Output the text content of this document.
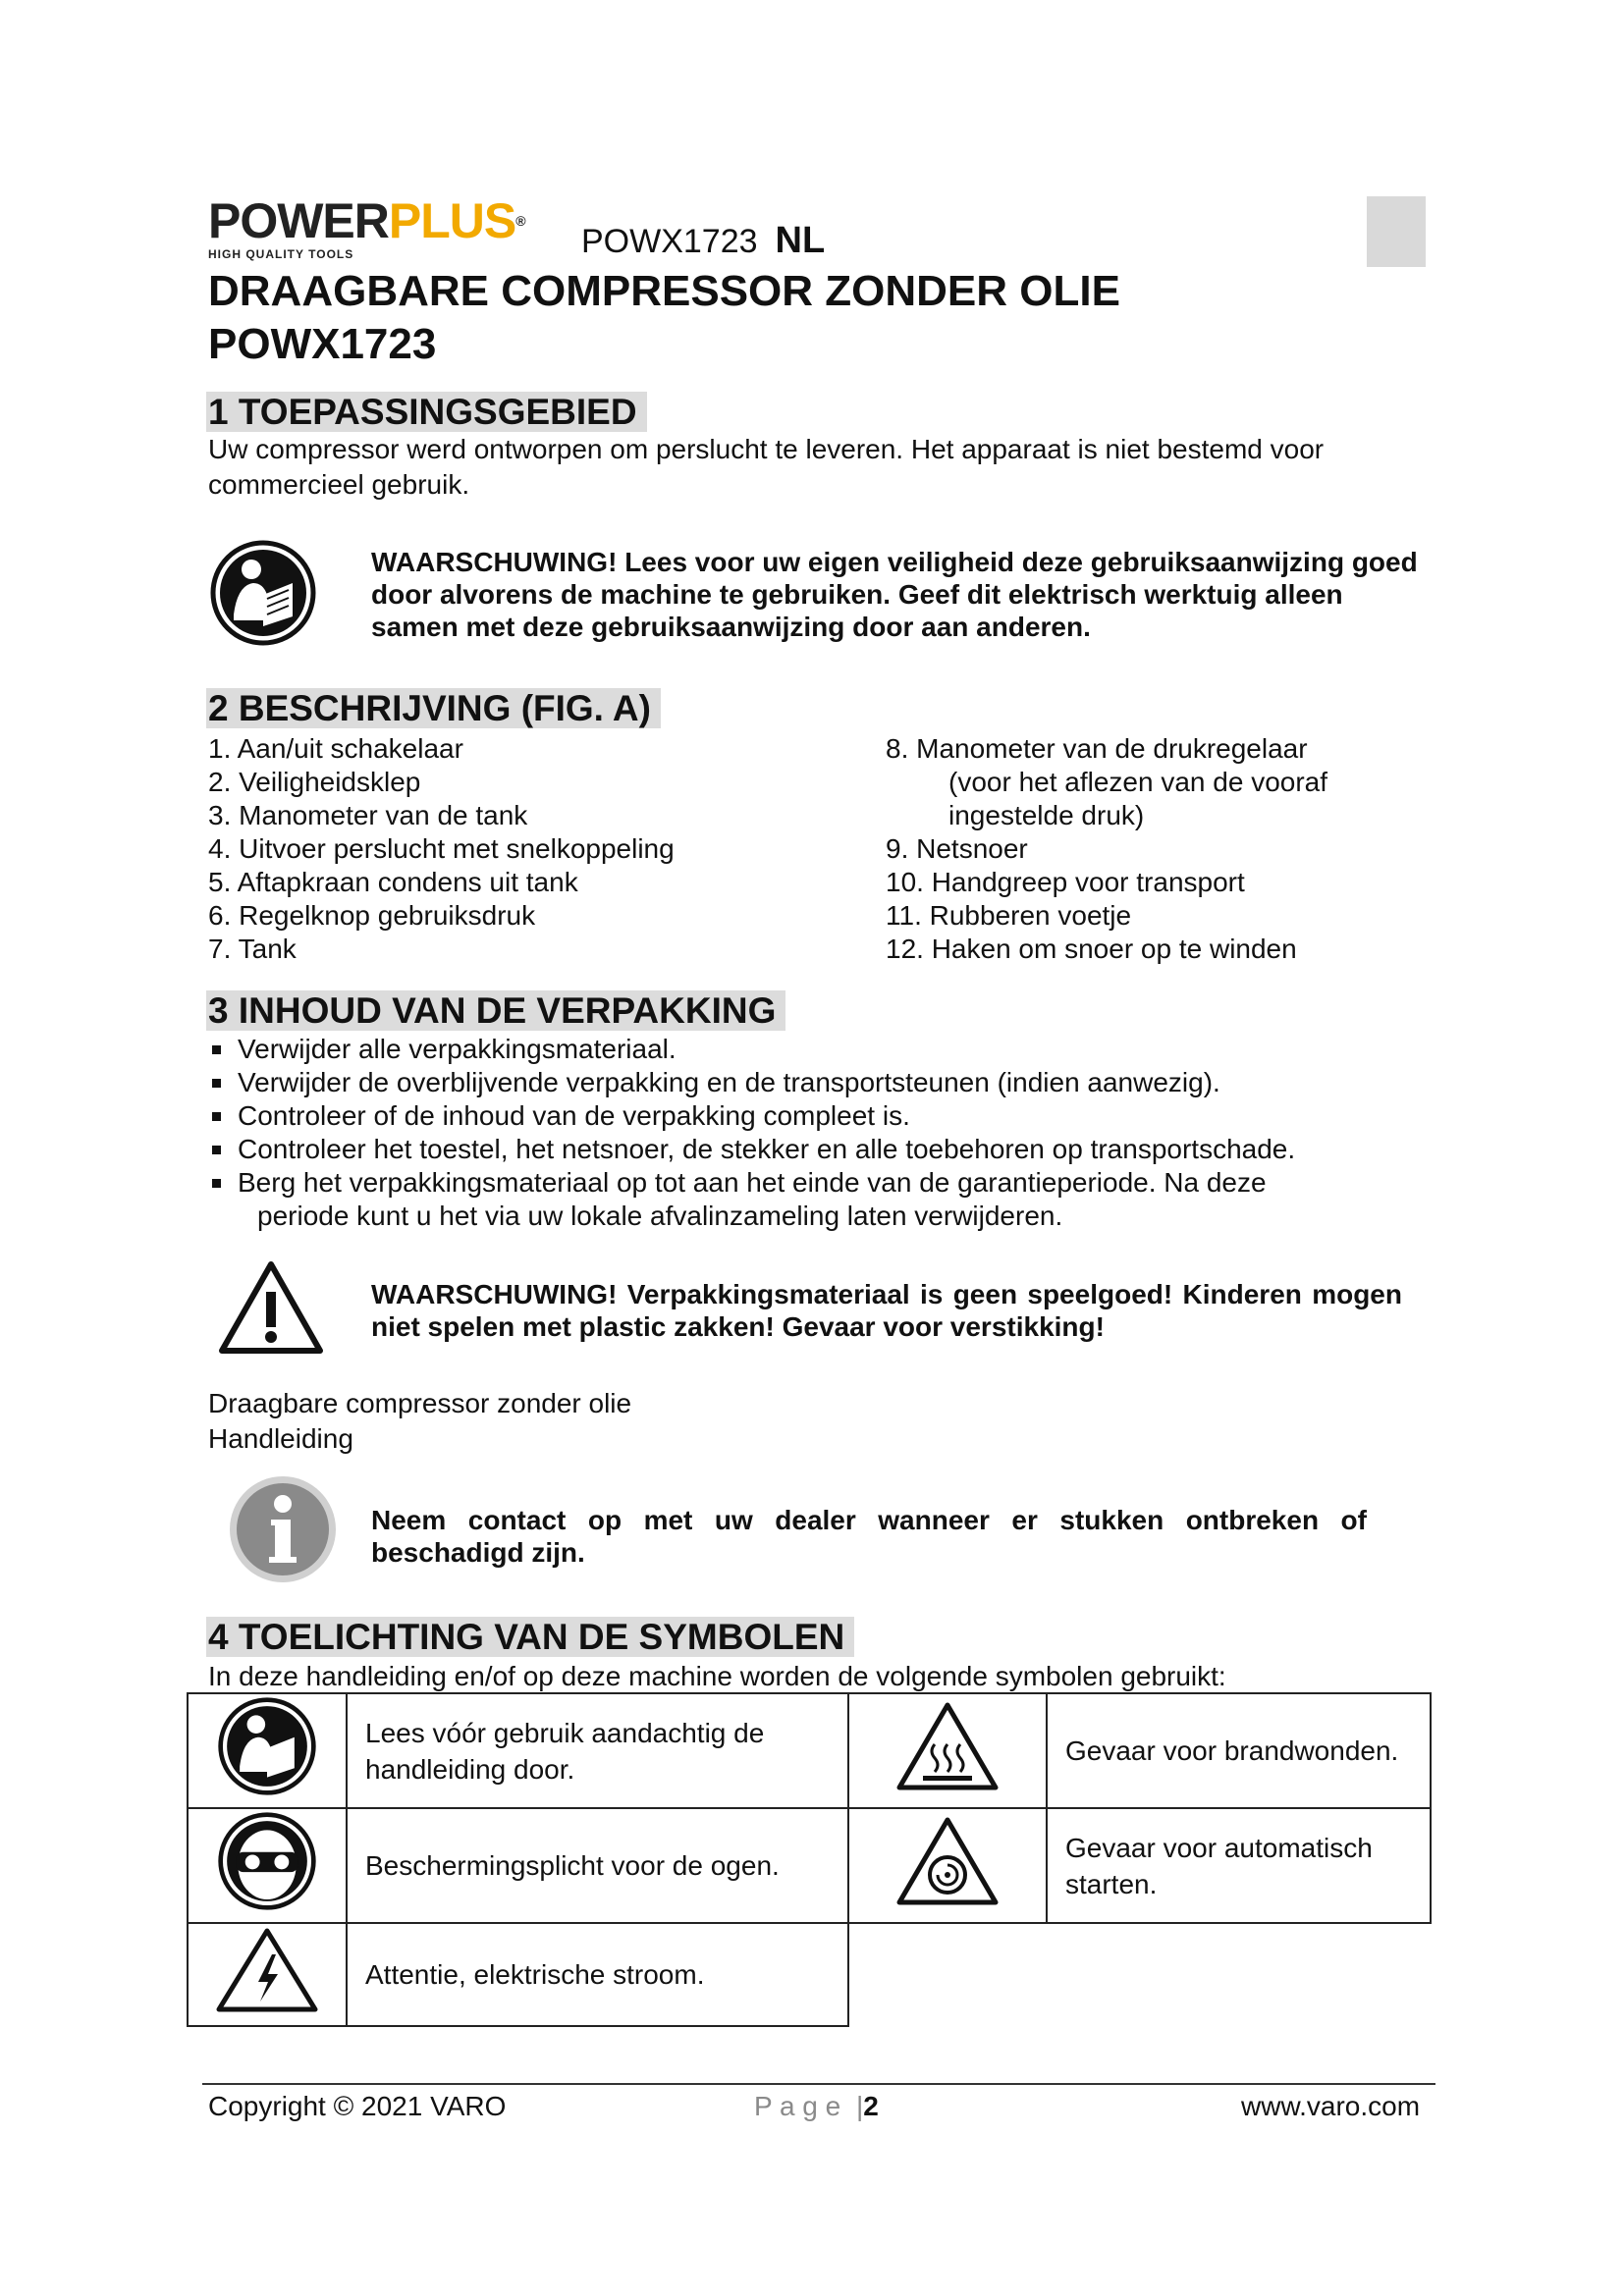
POWERPLUS®
HIGH QUALITY TOOLS	POWX1723 NL
DRAAGBARE COMPRESSOR ZONDER OLIE
POWX1723
1 TOEPASSINGSGEBIED
Uw compressor werd ontworpen om perslucht te leveren. Het apparaat is niet bestemd voor commercieel gebruik.
WAARSCHUWING! Lees voor uw eigen veiligheid deze gebruiksaanwijzing goed door alvorens de machine te gebruiken. Geef dit elektrisch werktuig alleen samen met deze gebruiksaanwijzing door aan anderen.
2 BESCHRIJVING (FIG. A)
1. Aan/uit schakelaar
2. Veiligheidsklep
3. Manometer van de tank
4. Uitvoer perslucht met snelkoppeling
5. Aftapkraan condens uit tank
6. Regelknop gebruiksdruk
7. Tank
8. Manometer van de drukregelaar
(voor het aflezen van de vooraf
ingestelde druk)
9. Netsnoer
10. Handgreep voor transport
11. Rubberen voetje
12. Haken om snoer op te winden
3 INHOUD VAN DE VERPAKKING
Verwijder alle verpakkingsmateriaal.
Verwijder de overblijvende verpakking en de transportsteunen (indien aanwezig).
Controleer of de inhoud van de verpakking compleet is.
Controleer het toestel, het netsnoer, de stekker en alle toebehoren op transportschade.
Berg het verpakkingsmateriaal op tot aan het einde van de garantieperiode. Na deze
periode kunt u het via uw lokale afvalinzameling laten verwijderen.
WAARSCHUWING! Verpakkingsmateriaal is geen speelgoed! Kinderen mogen niet spelen met plastic zakken! Gevaar voor verstikking!
Draagbare compressor zonder olie
Handleiding
Neem contact op met uw dealer wanneer er stukken ontbreken of beschadigd zijn.
4 TOELICHTING VAN DE SYMBOLEN
In deze handleiding en/of op deze machine worden de volgende symbolen gebruikt:
	Lees vóór gebruik aandachtig de handleiding door.		Gevaar voor brandwonden.
	Beschermingsplicht voor de ogen.		Gevaar voor automatisch starten.
	Attentie, elektrische stroom.		
Copyright © 2021 VARO	P a g e |2	www.varo.com
